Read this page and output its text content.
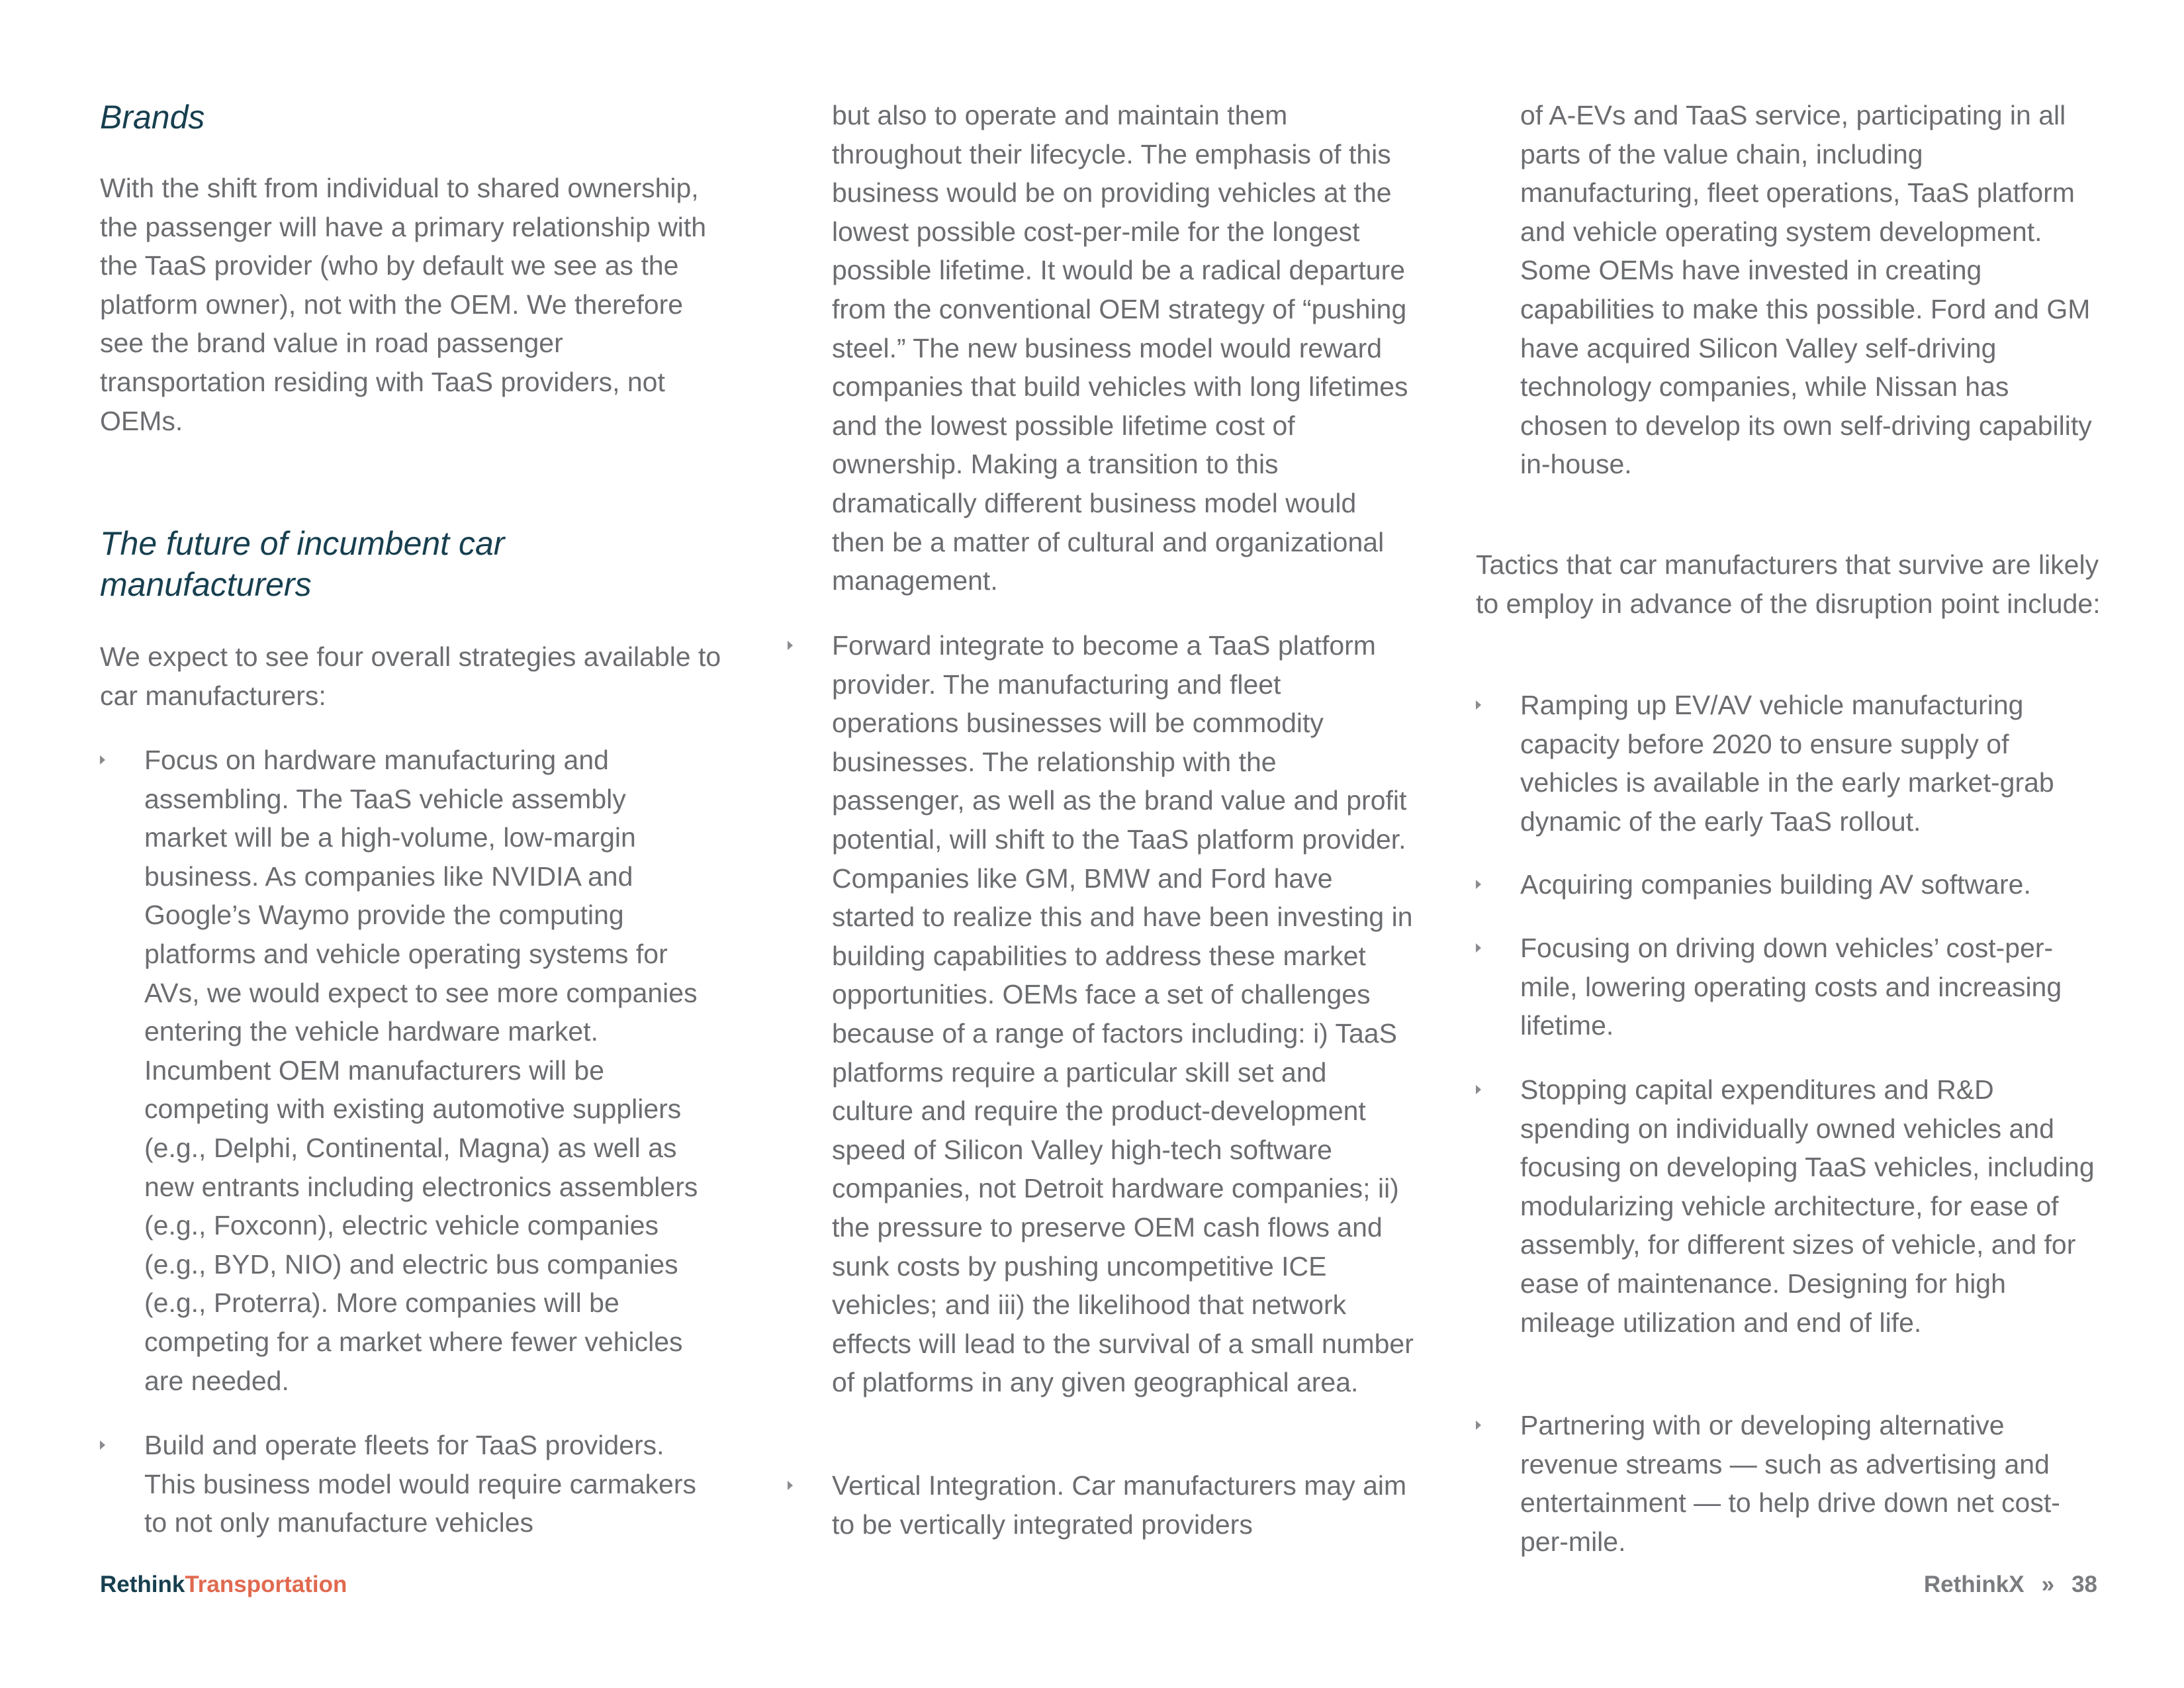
Brands

With the shift from individual to shared ownership, the passenger will have a primary relationship with the TaaS provider (who by default we see as the platform owner), not with the OEM. We therefore see the brand value in road passenger transportation residing with TaaS providers, not OEMs.

The future of incumbent car manufacturers

We expect to see four overall strategies available to car manufacturers:

Focus on hardware manufacturing and assembling. The TaaS vehicle assembly market will be a high-volume, low-margin business. As companies like NVIDIA and Google’s Waymo provide the computing platforms and vehicle operating systems for AVs, we would expect to see more companies entering the vehicle hardware market. Incumbent OEM manufacturers will be competing with existing automotive suppliers (e.g., Delphi, Continental, Magna) as well as new entrants including electronics assemblers (e.g., Foxconn), electric vehicle companies (e.g., BYD, NIO) and electric bus companies (e.g., Proterra). More companies will be competing for a market where fewer vehicles are needed.

Build and operate fleets for TaaS providers. This business model would require carmakers to not only manufacture vehicles

but also to operate and maintain them throughout their lifecycle. The emphasis of this business would be on providing vehicles at the lowest possible cost-per-mile for the longest possible lifetime. It would be a radical departure from the conventional OEM strategy of “pushing steel.” The new business model would reward companies that build vehicles with long lifetimes and the lowest possible lifetime cost of ownership. Making a transition to this dramatically different business model would then be a matter of cultural and organizational management.

Forward integrate to become a TaaS platform provider. The manufacturing and fleet operations businesses will be commodity businesses. The relationship with the passenger, as well as the brand value and profit potential, will shift to the TaaS platform provider. Companies like GM, BMW and Ford have started to realize this and have been investing in building capabilities to address these market opportunities. OEMs face a set of challenges because of a range of factors including: i) TaaS platforms require a particular skill set and culture and require the product-development speed of Silicon Valley high-tech software companies, not Detroit hardware companies; ii) the pressure to preserve OEM cash flows and sunk costs by pushing uncompetitive ICE vehicles; and iii) the likelihood that network effects will lead to the survival of a small number of platforms in any given geographical area.

Vertical Integration. Car manufacturers may aim to be vertically integrated providers

of A-EVs and TaaS service, participating in all parts of the value chain, including manufacturing, fleet operations, TaaS platform and vehicle operating system development. Some OEMs have invested in creating capabilities to make this possible. Ford and GM have acquired Silicon Valley self-driving technology companies, while Nissan has chosen to develop its own self-driving capability in-house.

Tactics that car manufacturers that survive are likely to employ in advance of the disruption point include:

Ramping up EV/AV vehicle manufacturing capacity before 2020 to ensure supply of vehicles is available in the early market-grab dynamic of the early TaaS rollout.

Acquiring companies building AV software.

Focusing on driving down vehicles’ cost-per-mile, lowering operating costs and increasing lifetime.

Stopping capital expenditures and R&D spending on individually owned vehicles and focusing on developing TaaS vehicles, including modularizing vehicle architecture, for ease of assembly, for different sizes of vehicle, and for ease of maintenance. Designing for high mileage utilization and end of life.

Partnering with or developing alternative revenue streams — such as advertising and entertainment — to help drive down net cost-per-mile.

RethinkTransportation	RethinkX » 38
